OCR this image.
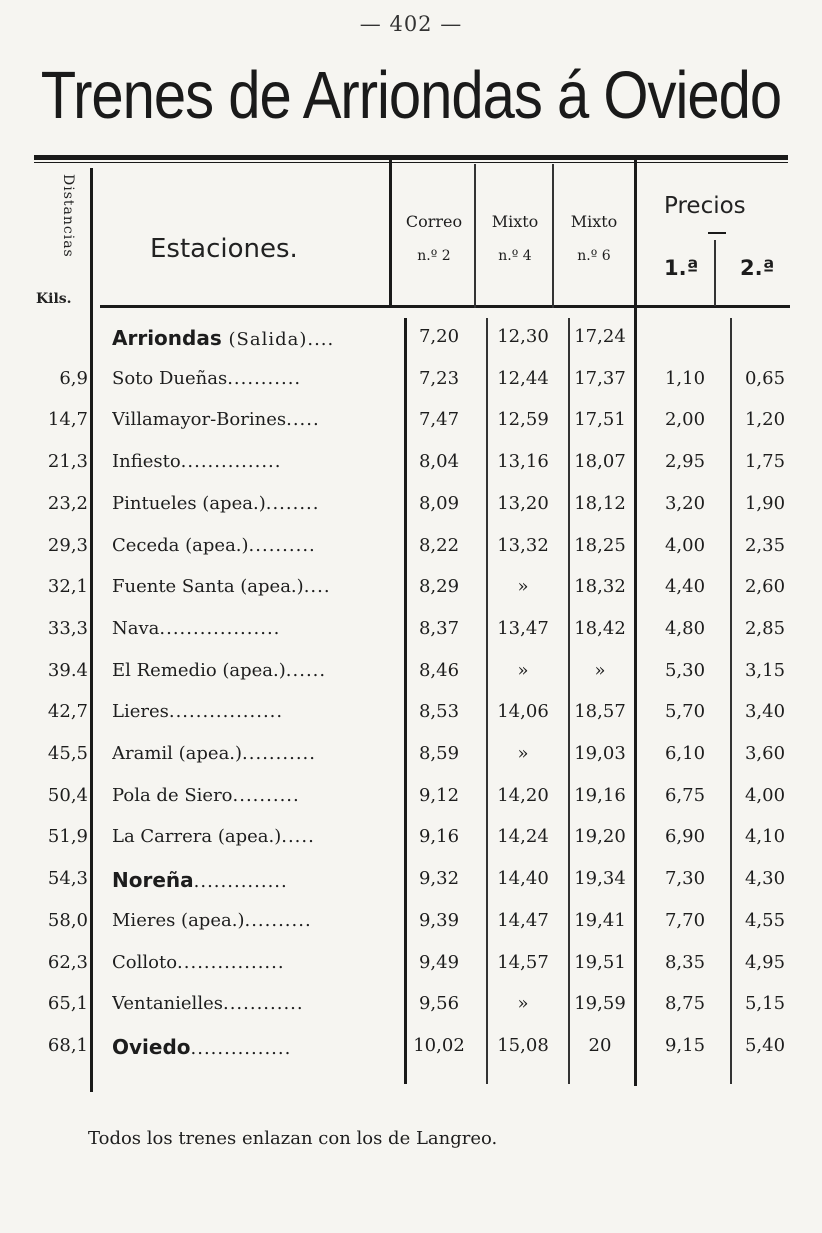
— 402 —
Trenes de Arriondas á Oviedo
Distancias
Kils.
Estaciones.
Correo
n.º 2
Mixto
n.º 4
Mixto
n.º 6
Precios
1.ª 2.ª
Arriondas (Salida)....	7,20	12,30	17,24
6,9 Soto Dueñas...........	7,23	12,44	17,37	1,10	0,65
14,7 Villamayor-Borines.....	7,47	12,59	17,51	2,00	1,20
21,3 Infiesto...............	8,04	13,16	18,07	2,95	1,75
23,2 Pintueles (apea.)........	8,09	13,20	18,12	3,20	1,90
29,3 Ceceda (apea.)..........	8,22	13,32	18,25	4,00	2,35
32,1 Fuente Santa (apea.)....	8,29	»	18,32	4,40	2,60
33,3 Nava..................	8,37	13,47	18,42	4,80	2,85
39.4 El Remedio (apea.)......	8,46	»	»	5,30	3,15
42,7 Lieres.................	8,53	14,06	18,57	5,70	3,40
45,5 Aramil (apea.)...........	8,59	»	19,03	6,10	3,60
50,4 Pola de Siero..........	9,12	14,20	19,16	6,75	4,00
51,9 La Carrera (apea.).....	9,16	14,24	19,20	6,90	4,10
54,3 Noreña..............	9,32	14,40	19,34	7,30	4,30
58,0 Mieres (apea.)..........	9,39	14,47	19,41	7,70	4,55
62,3 Colloto................	9,49	14,57	19,51	8,35	4,95
65,1 Ventanielles............	9,56	»	19,59	8,75	5,15
68,1 Oviedo...............	10,02	15,08	20	9,15	5,40
Todos los trenes enlazan con los de Langreo.
